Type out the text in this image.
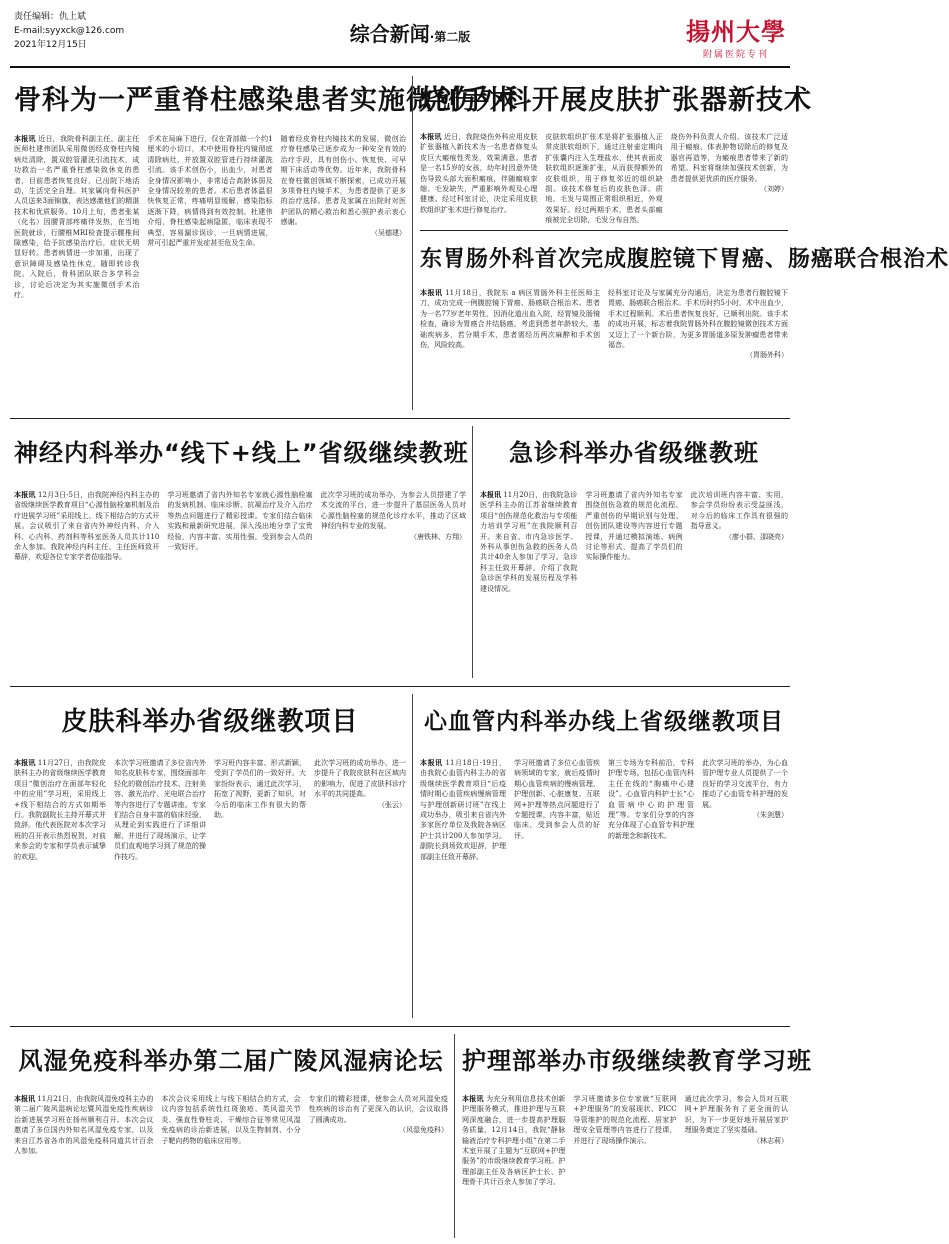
责任编辑：仇上斌
E-mail:syyxck@126.com
2021年12月15日	综合新闻·第二版	揚州大學
附属医院专刊
骨科为一严重脊柱感染患者实施微创手术
本报讯 近日，我院骨科副主任、副主任医师杜建伟团队采用微创经皮脊柱内镜病灶清除，置双腔管灌洗引流技术，成功救治一名严重脊柱感染致休克的患者，目前患者恢复良好，已出院下地活动，生活完全自理。其家属向骨科医护人员送来3面锦旗，表达感激他们的精湛技术和优质服务。10月上旬，患者张某（化名）因腰背部疼痛伴发热，在当地医院就诊，行腰椎MRI检查提示腰椎间隙感染，给予抗感染治疗后，症状无明显好转。患者病情进一步加重，出现了意识障碍及感染性休克，随即转诊我院。入院后，骨科团队联合多学科会诊，讨论后决定为其实施微创手术治疗。
手术在局麻下进行，仅在背部做一个约1厘米的小切口，术中使用脊柱内镜彻底清除病灶，并放置双腔管进行持续灌洗引流。该手术创伤小，出血少，对患者全身情况影响小，非常适合高龄体弱及全身情况较差的患者。术后患者体温很快恢复正常，疼痛明显缓解，感染指标逐渐下降，病情得到有效控制。杜建伟介绍，脊柱感染起病隐匿，临床表现不典型，容易漏诊误诊，一旦病情进展，常可引起严重并发症甚至危及生命。
随着经皮脊柱内镜技术的发展，微创治疗脊柱感染已逐步成为一种安全有效的治疗手段，具有创伤小、恢复快、可早期下床活动等优势。近年来，我院骨科在脊柱微创领域不断探索，已成功开展多项脊柱内镜手术，为患者提供了更多的治疗选择。患者及家属在出院时对医护团队的精心救治和悉心照护表示衷心感谢。
（吴德建）
烧伤外科开展皮肤扩张器新技术
本报讯 近日，我院烧伤外科应用皮肤扩张器植入新技术为一名患者修复头皮巨大瘢痕性秃发，效果满意。患者是一名15岁的女孩，幼年时因意外烫伤导致头部大面积瘢痕，伴随瘢痕挛缩、毛发缺失，严重影响外观及心理健康。经过科室讨论，决定采用皮肤软组织扩张术进行修复治疗。
皮肤软组织扩张术是将扩张器植入正常皮肤软组织下，通过注射壶定期向扩张囊内注入生理盐水，使其表面皮肤软组织逐渐扩张，从而获得额外的皮肤组织，用于修复邻近的组织缺损。该技术修复后的皮肤色泽、质地、毛发与周围正常组织相近，外观效果好。经过两期手术，患者头部瘢痕被完全切除，毛发分布自然。
烧伤外科负责人介绍，该技术广泛适用于瘢痕、体表肿物切除后的修复及器官再造等，为瘢痕患者带来了新的希望。科室将继续加强技术创新，为患者提供更优质的医疗服务。
（刘婷）
东胃肠外科首次完成腹腔镜下胃癌、肠癌联合根治术
本报讯 11月18日，我院东 a 病区胃肠外科主任医师主刀，成功完成一例腹腔镜下胃癌、肠癌联合根治术。患者为一名77岁老年男性，因消化道出血入院，经胃镜及肠镜检查，确诊为胃癌合并结肠癌。考虑到患者年龄较大，基础疾病多，若分期手术，患者需经历两次麻醉和手术创伤，风险较高。
经科室讨论及与家属充分沟通后，决定为患者行腹腔镜下胃癌、肠癌联合根治术。手术历时约5小时，术中出血少，手术过程顺利。术后患者恢复良好，已顺利出院。该手术的成功开展，标志着我院胃肠外科在腹腔镜微创技术方面又迈上了一个新台阶，为更多胃肠道多原发肿瘤患者带来福音。
（胃肠外科）
神经内科举办“线下+线上”省级继续教班
本报讯 12月3日-5日，由我院神经内科主办的省级继续医学教育项目“心源性脑栓塞机制及治疗进展学习班”采用线上、线下相结合的方式开展。会议吸引了来自省内外神经内科、介入科、心内科、药剂科等科室医务人员共计110余人参加。我院神经内科主任、主任医师致开幕辞，欢迎各位专家学者莅临指导。
学习班邀请了省内外知名专家就心源性脑栓塞的发病机制、临床诊断、抗凝治疗及介入治疗等热点问题进行了精彩授课。专家们结合临床实践和最新研究进展，深入浅出地分享了宝贵经验，内容丰富、实用性强，受到参会人员的一致好评。
此次学习班的成功举办，为参会人员搭建了学术交流的平台，进一步提升了基层医务人员对心源性脑栓塞的规范化诊疗水平，推动了区域神经内科专业的发展。
（唐铁林、方翔）
急诊科举办省级继教班
本报讯 11月20日，由我院急诊医学科主办的江苏省继续教育项目“创伤规范化救治与专项能力培训学习班”在我院顺利召开。来自省、市内急诊医学、外科从事创伤急救的医务人员共计40余人参加了学习。急诊科主任致开幕辞，介绍了我院急诊医学科的发展历程及学科建设情况。
学习班邀请了省内外知名专家围绕创伤急救的规范化流程、严重创伤的早期识别与处理、创伤团队建设等内容进行专题授课，并通过模拟演练、病例讨论等形式，提高了学员们的实际操作能力。
此次培训班内容丰富、实用，参会学员纷纷表示受益匪浅，对今后的临床工作具有很强的指导意义。
（廖小群、邵晓亮）
皮肤科举办省级继教项目
本报讯 11月27日，由我院皮肤科主办的省级继续医学教育项目“微创治疗在面部年轻化中的应用”学习班，采用线上+线下相结合的方式如期举行。我院副院长主持开幕式并致辞。他代表医院对本次学习班的召开表示热烈祝贺，对前来参会的专家和学员表示诚挚的欢迎。
本次学习班邀请了多位省内外知名皮肤科专家，围绕面部年轻化的微创治疗技术、注射美容、激光治疗、光电联合治疗等内容进行了专题讲座。专家们结合自身丰富的临床经验，从理论到实践进行了详细讲解，并进行了现场演示，让学员们直观地学习到了规范的操作技巧。
学习班内容丰富、形式新颖，受到了学员们的一致好评。大家纷纷表示，通过此次学习，拓宽了视野，更新了知识，对今后的临床工作有很大的帮助。
此次学习班的成功举办，进一步提升了我院皮肤科在区域内的影响力，促进了皮肤科诊疗水平的共同提高。
（张云）
心血管内科举办线上省级继教项目
本报讯 11月18日-19日，由我院心血管内科主办的省级继续医学教育项目“后疫情时期心血管疾病慢病管理与护理创新研讨班”在线上成功举办，吸引来自省内外多家医疗单位及我院各病区护士共计200人参加学习。副院长到场致欢迎辞，护理部副主任致开幕辞。
学习班邀请了多位心血管疾病领域的专家，就后疫情时期心血管疾病的慢病管理、护理创新、心脏康复、互联网+护理等热点问题进行了专题授课，内容丰富，贴近临床，受到参会人员的好评。
第三专场为专科前沿，专科护理专场。包括心血管内科主任在线的“胸痛中心建设”、心血管内科护士长“心血管病中心的护理管理”等。专家们分享的内容充分体现了心血管专科护理的新理念和新技术。
此次学习班的举办，为心血管护理专业人员提供了一个良好的学习交流平台，有力推动了心血管专科护理的发展。
（朱剑慧）
风湿免疫科举办第二届广陵风湿病论坛
本报讯 11月21日，由我院风湿免疫科主办的第二届广陵风湿病论坛暨风湿免疫性疾病诊治新进展学习班在扬州顺利召开。本次会议邀请了多位国内外知名风湿免疫专家，以及来自江苏省各市的风湿免疫科同道共计百余人参加。
本次会议采用线上与线下相结合的方式，会议内容包括系统性红斑狼疮、类风湿关节炎、强直性脊柱炎、干燥综合征等常见风湿免疫病的诊治新进展，以及生物制剂、小分子靶向药物的临床应用等。
专家们的精彩授课，使参会人员对风湿免疫性疾病的诊治有了更深入的认识，会议取得了圆满成功。
（风湿免疫科）
护理部举办市级继续教育学习班
本报讯 为充分利用信息技术创新护理服务模式，推进护理与互联网深度融合，进一步提高护理服务质量，12月14日，我院“静脉输液治疗专科护理小组”在第二手术室开展了主题为“互联网+护理服务”的市级继续教育学习班。护理部副主任及各病区护士长、护理骨干共计百余人参加了学习。
学习班邀请多位专家就“互联网+护理服务”的发展现状、PICC导管维护的规范化流程、居家护理安全管理等内容进行了授课，并进行了现场操作演示。
通过此次学习，参会人员对互联网+护理服务有了更全面的认识，为下一步更好地开展居家护理服务奠定了坚实基础。
（林志莉）
